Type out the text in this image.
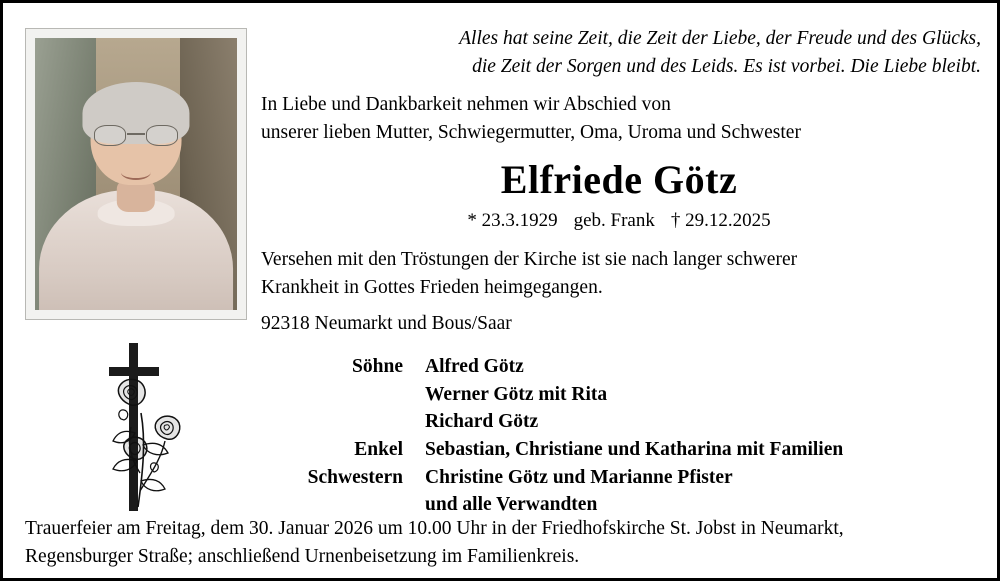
Alles hat seine Zeit, die Zeit der Liebe, der Freude und des Glücks,
die Zeit der Sorgen und des Leids. Es ist vorbei. Die Liebe bleibt.
In Liebe und Dankbarkeit nehmen wir Abschied von
unserer lieben Mutter, Schwiegermutter, Oma, Uroma und Schwester
Elfriede Götz
* 23.3.1929 geb. Frank † 29.12.2025
Versehen mit den Tröstungen der Kirche ist sie nach langer schwerer
Krankheit in Gottes Frieden heimgegangen.
92318 Neumarkt und Bous/Saar
Söhne	Alfred Götz
Werner Götz mit Rita
Richard Götz
Enkel	Sebastian, Christiane und Katharina mit Familien
Schwestern	Christine Götz und Marianne Pfister
und alle Verwandten
Trauerfeier am Freitag, dem 30. Januar 2026 um 10.00 Uhr in der Friedhofskirche St. Jobst in Neumarkt,
Regensburger Straße; anschließend Urnenbeisetzung im Familienkreis.
